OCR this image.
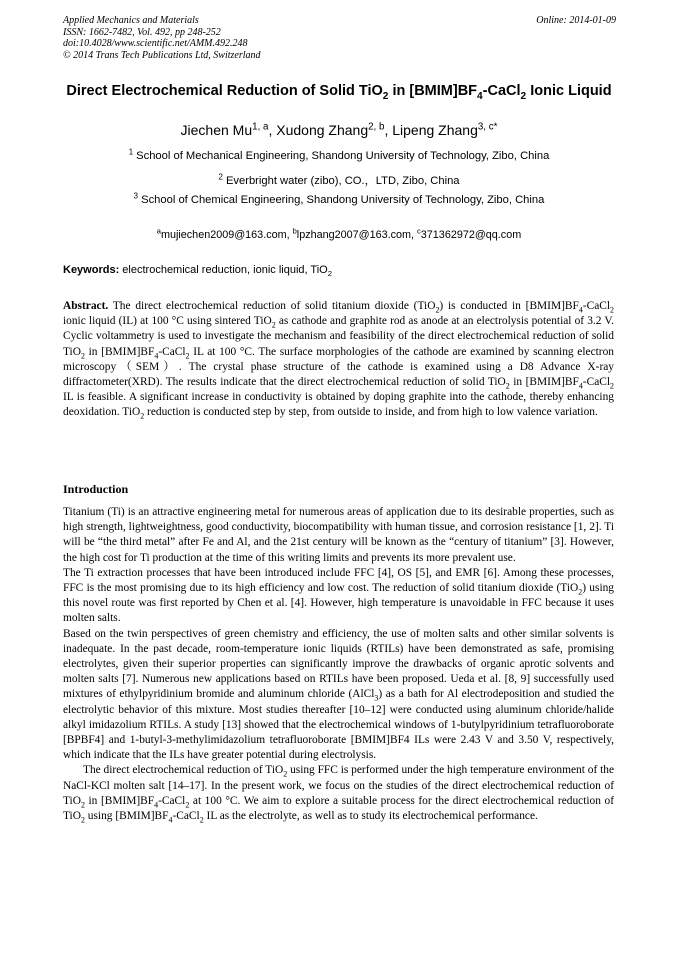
Applied Mechanics and Materials
ISSN: 1662-7482, Vol. 492, pp 248-252
doi:10.4028/www.scientific.net/AMM.492.248
© 2014 Trans Tech Publications Ltd, Switzerland
Online: 2014-01-09
Direct Electrochemical Reduction of Solid TiO$_2$ in $[BMIM]BF_4-CaCl_2$ Ionic Liquid
Jiechen Mu$^{1, a}$, Xudong Zhang$^{2, b}$, Lipeng Zhang$^{3, c*}$
$^1$ School of Mechanical Engineering, Shandong University of Technology, Zibo, China
$^2$ Everbright water (zibo), CO.，LTD, Zibo, China
$^3$ School of Chemical Engineering, Shandong University of Technology, Zibo, China
$^a$mujiechen2009@163.com, $^b$lpzhang2007@163.com, $^c$371362972@qq.com
Keywords: electrochemical reduction, ionic liquid, TiO$_2$
Abstract. The direct electrochemical reduction of solid titanium dioxide (TiO$_2$) is conducted in $[BMIM]BF_4-CaCl_2$ ionic liquid (IL) at 100 °C using sintered TiO$_2$ as cathode and graphite rod as anode at an electrolysis potential of 3.2 V. Cyclic voltammetry is used to investigate the mechanism and feasibility of the direct electrochemical reduction of solid TiO$_2$ in $[BMIM]BF_4-CaCl_2$ IL at 100 °C. The surface morphologies of the cathode are examined by scanning electron microscopy（SEM）. The crystal phase structure of the cathode is examined using a D8 Advance X-ray diffractometer(XRD). The results indicate that the direct electrochemical reduction of solid TiO$_2$ in $[BMIM]BF_4-CaCl_2$ IL is feasible. A significant increase in conductivity is obtained by doping graphite into the cathode, thereby enhancing deoxidation. TiO$_2$ reduction is conducted step by step, from outside to inside, and from high to low valence variation.
Introduction

Titanium (Ti) is an attractive engineering metal for numerous areas of application due to its desirable properties, such as high strength, lightweightness, good conductivity, biocompatibility with human tissue, and corrosion resistance [1, 2]. Ti will be “the third metal” after Fe and Al, and the 21st century will be known as the “century of titanium” [3]. However, the high cost for Ti production at the time of this writing limits and prevents its more prevalent use.

The Ti extraction processes that have been introduced include FFC [4], OS [5], and EMR [6]. Among these processes, FFC is the most promising due to its high efficiency and low cost. The reduction of solid titanium dioxide (TiO$_2$) using this novel route was first reported by Chen et al. [4]. However, high temperature is unavoidable in FFC because it uses molten salts.

Based on the twin perspectives of green chemistry and efficiency, the use of molten salts and other similar solvents is inadequate. In the past decade, room-temperature ionic liquids (RTILs) have been demonstrated as safe, promising electrolytes, given their superior properties can significantly improve the drawbacks of organic aprotic solvents and molten salts [7]. Numerous new applications based on RTILs have been proposed. Ueda et al. [8, 9] successfully used mixtures of ethylpyridinium bromide and aluminum chloride (AlCl$_3$) as a bath for Al electrodeposition and studied the electrolytic behavior of this mixture. Most studies thereafter [10–12] were conducted using aluminum chloride/halide alkyl imidazolium RTILs. A study [13] showed that the electrochemical windows of 1-butylpyridinium tetrafluoroborate [BPBF4] and 1-butyl-3-methylimidazolium tetrafluoroborate [BMIM]BF4 ILs were 2.43 V and 3.50 V, respectively, which indicate that the ILs have greater potential during electrolysis.

The direct electrochemical reduction of TiO$_2$ using FFC is performed under the high temperature environment of the NaCl-KCl molten salt [14–17]. In the present work, we focus on the studies of the direct electrochemical reduction of TiO$_2$ in $[BMIM]BF_4-CaCl_2$ at 100 °C. We aim to explore a suitable process for the direct electrochemical reduction of TiO$_2$ using $[BMIM]BF_4-CaCl_2$ IL as the electrolyte, as well as to study its electrochemical performance.
